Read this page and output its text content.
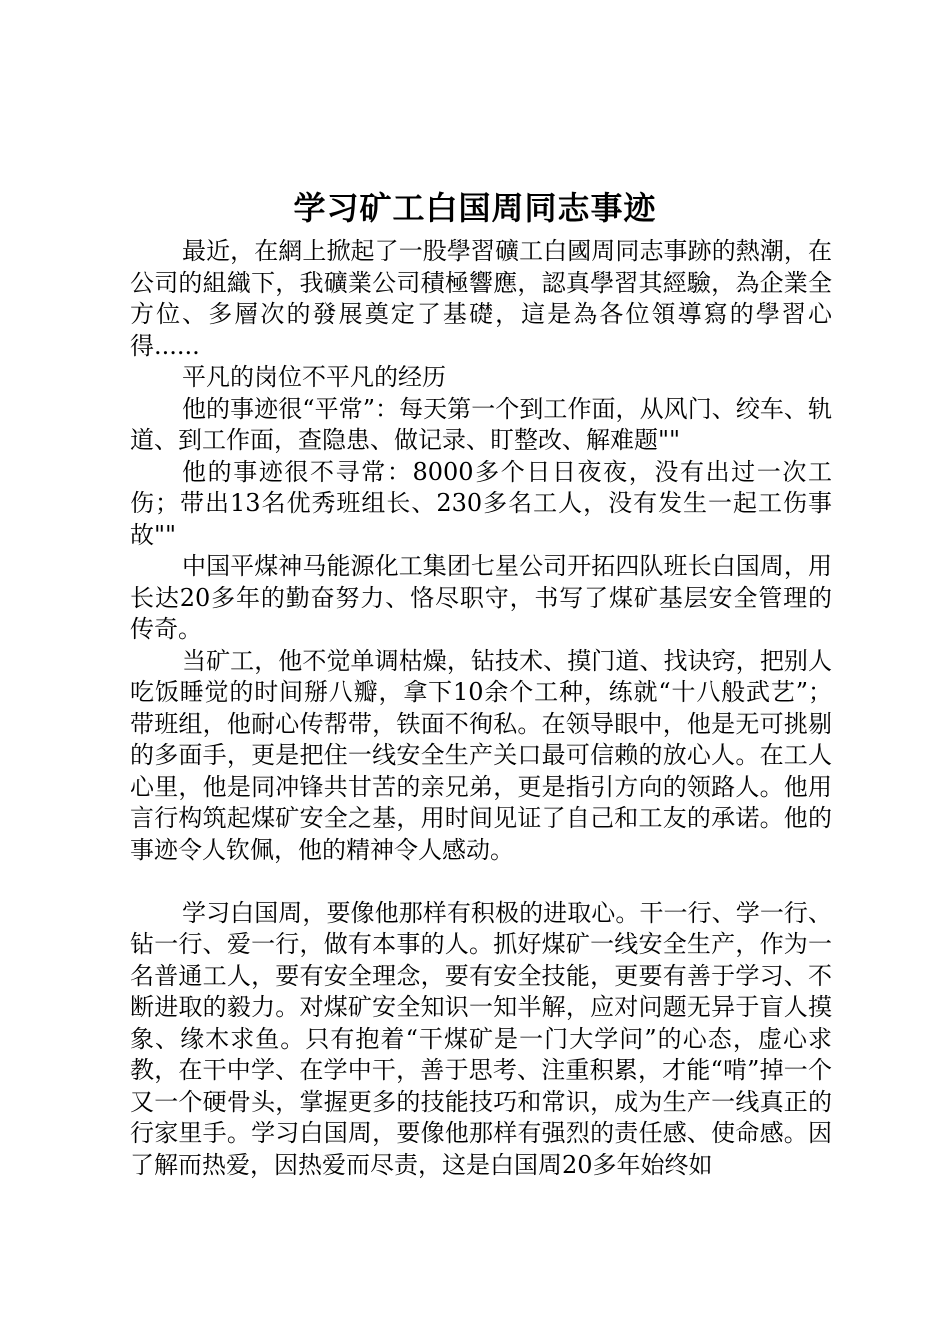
学习矿工白国周同志事迹

最近，在網上掀起了一股學習礦工白國周同志事跡的熱潮，在公司的組織下，我礦業公司積極響應，認真學習其經驗，為企業全方位、多層次的發展奠定了基礎，這是為各位領導寫的學習心得......

平凡的岗位不平凡的经历

他的事迹很“平常”：每天第一个到工作面，从风门、绞车、轨道、到工作面，查隐患、做记录、盯整改、解难题""

他的事迹很不寻常：8000多个日日夜夜，没有出过一次工伤；带出13名优秀班组长、230多名工人，没有发生一起工伤事故""

中国平煤神马能源化工集团七星公司开拓四队班长白国周，用长达20多年的勤奋努力、恪尽职守，书写了煤矿基层安全管理的传奇。

当矿工，他不觉单调枯燥，钻技术、摸门道、找诀窍，把别人吃饭睡觉的时间掰八瓣，拿下10余个工种，练就“十八般武艺”；带班组，他耐心传帮带，铁面不徇私。在领导眼中，他是无可挑剔的多面手，更是把住一线安全生产关口最可信赖的放心人。在工人心里，他是同冲锋共甘苦的亲兄弟，更是指引方向的领路人。他用言行构筑起煤矿安全之基，用时间见证了自己和工友的承诺。他的事迹令人钦佩，他的精神令人感动。

学习白国周，要像他那样有积极的进取心。干一行、学一行、钻一行、爱一行，做有本事的人。抓好煤矿一线安全生产，作为一名普通工人，要有安全理念，要有安全技能，更要有善于学习、不断进取的毅力。对煤矿安全知识一知半解，应对问题无异于盲人摸象、缘木求鱼。只有抱着“干煤矿是一门大学问”的心态，虚心求教，在干中学、在学中干，善于思考、注重积累，才能“啃”掉一个又一个硬骨头，掌握更多的技能技巧和常识，成为生产一线真正的行家里手。学习白国周，要像他那样有强烈的责任感、使命感。因了解而热爱，因热爱而尽责，这是白国周20多年始终如
